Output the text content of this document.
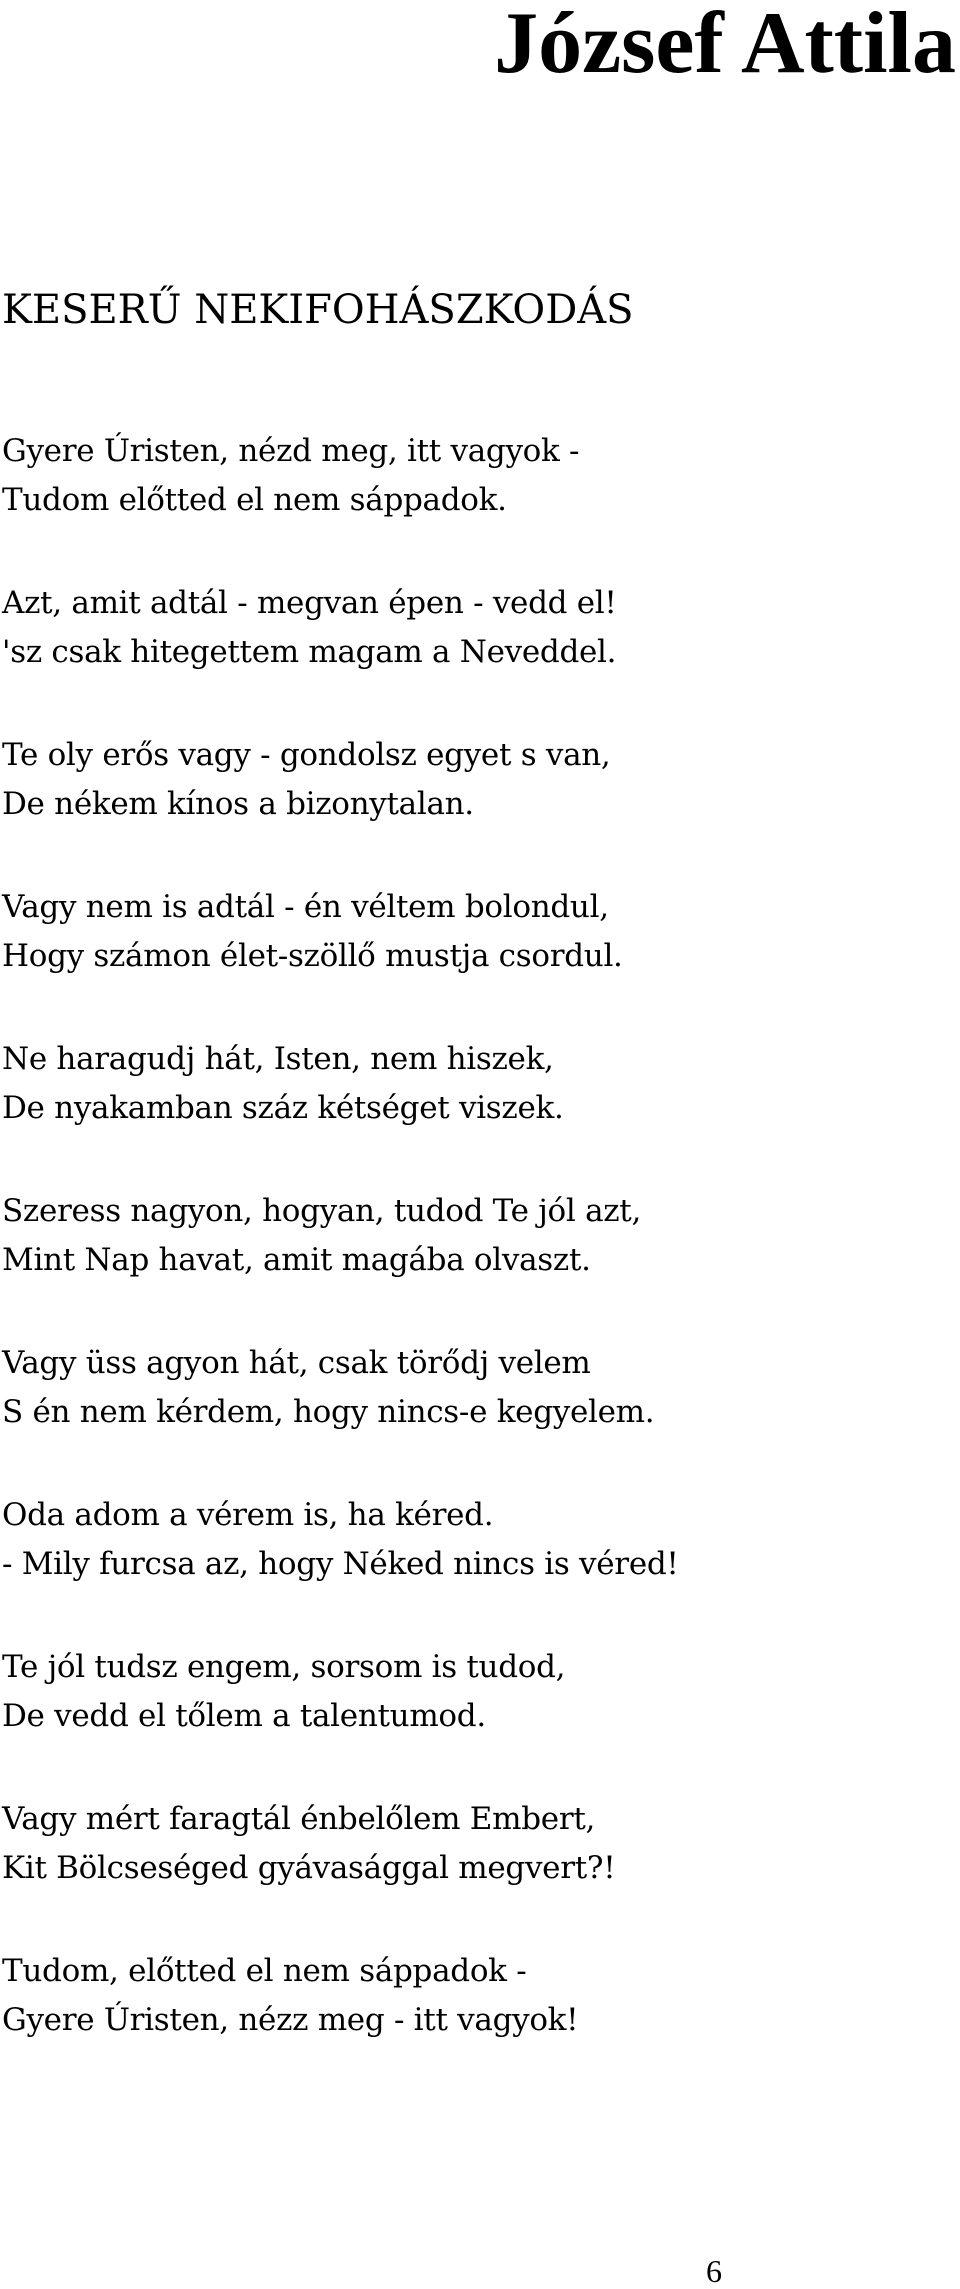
József Attila
KESERŰ NEKIFOHÁSZKODÁS
Gyere Úristen, nézd meg, itt vagyok -
Tudom előtted el nem sáppadok.
Azt, amit adtál - megvan épen - vedd el!
'sz csak hitegettem magam a Neveddel.
Te oly erős vagy - gondolsz egyet s van,
De nékem kínos a bizonytalan.
Vagy nem is adtál - én véltem bolondul,
Hogy számon élet-szöllő mustja csordul.
Ne haragudj hát, Isten, nem hiszek,
De nyakamban száz kétséget viszek.
Szeress nagyon, hogyan, tudod Te jól azt,
Mint Nap havat, amit magába olvaszt.
Vagy üss agyon hát, csak törődj velem
S én nem kérdem, hogy nincs-e kegyelem.
Oda adom a vérem is, ha kéred.
- Mily furcsa az, hogy Néked nincs is véred!
Te jól tudsz engem, sorsom is tudod,
De vedd el tőlem a talentumod.
Vagy mért faragtál énbelőlem Embert,
Kit Bölcseséged gyávasággal megvert?!
Tudom, előtted el nem sáppadok -
Gyere Úristen, nézz meg - itt vagyok!
6
